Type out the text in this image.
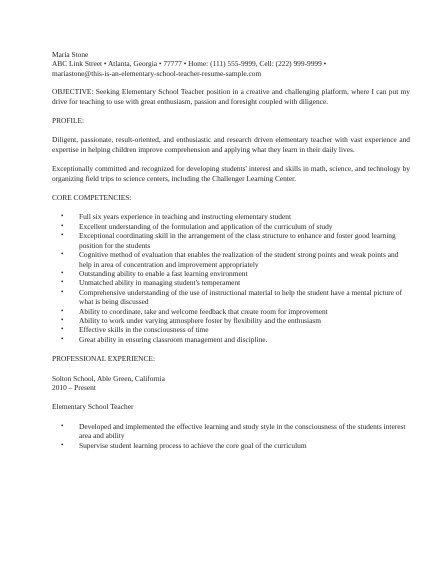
Maria Stone
ABC Link Street • Atlanta, Georgia • 77777 • Home: (111) 555-9999, Cell: (222) 999-9999 •
mariastone@this-is-an-elementary-school-teacher-resume-sample.com

OBJECTIVE: Seeking Elementary School Teacher position in a creative and challenging platform, where I can put my drive for teaching to use with great enthusiasm, passion and foresight coupled with diligence.

PROFILE:

Diligent, passionate, result-oriented, and enthusiastic and research driven elementary teacher with vast experience and expertise in helping children improve comprehension and applying what they learn in their daily lives.

Exceptionally committed and recognized for developing students' interest and skills in math, science, and technology by organizing field trips to science centers, including the Challenger Learning Center.

CORE COMPETENCIES:

• Full six years experience in teaching and instructing elementary student
• Excellent understanding of the formulation and application of the curriculum of study
• Exceptional coordinating skill in the arrangement of the class structure to enhance and foster good learning position for the students
• Cognitive method of evaluation that enables the realization of the student strong points and weak points and help in area of concentration and improvement appropriately
• Outstanding ability to enable a fast learning environment
• Unmatched ability in managing student's temperament
• Comprehensive understanding of the use of instructional material to help the student have a mental picture of what is being discussed
• Ability to coordinate, take and welcome feedback that create room for improvement
• Ability to work under varying atmosphere foster by flexibility and the enthusiasm
• Effective skills in the consciousness of time
• Great ability in ensuring classroom management and discipline.

PROFESSIONAL EXPERIENCE:

Solton School, Able Green, California
2010 – Present
Elementary School Teacher
• Developed and implemented the effective learning and study style in the consciousness of the students interest area and ability
• Supervise student learning process to achieve the core goal of the curriculum
